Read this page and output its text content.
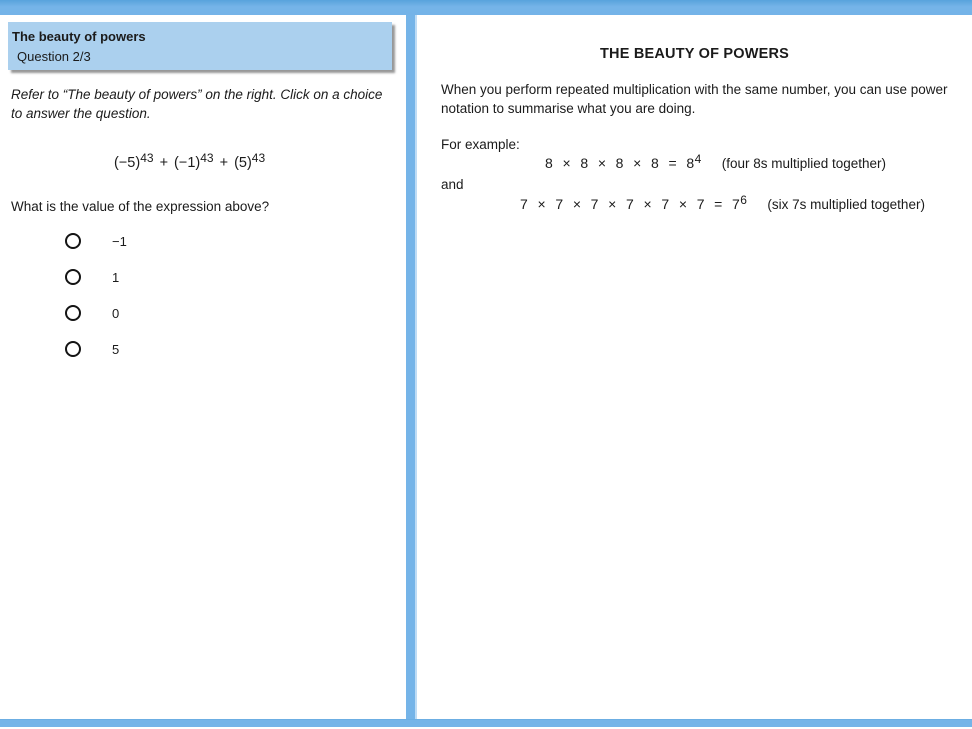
The beauty of powers
Question 2/3
Refer to “The beauty of powers” on the right. Click on a choice to answer the question.
$(-5)^{43} + (-1)^{43} + (5)^{43}$
What is the value of the expression above?
−1
1
0
5
THE BEAUTY OF POWERS
When you perform repeated multiplication with the same number, you can use power notation to summarise what you are doing.
For example:
$8 \times 8 \times 8 \times 8 = 8^4$ (four 8s multiplied together)
and
$7 \times 7 \times 7 \times 7 \times 7 \times 7 = 7^6$ (six 7s multiplied together)
